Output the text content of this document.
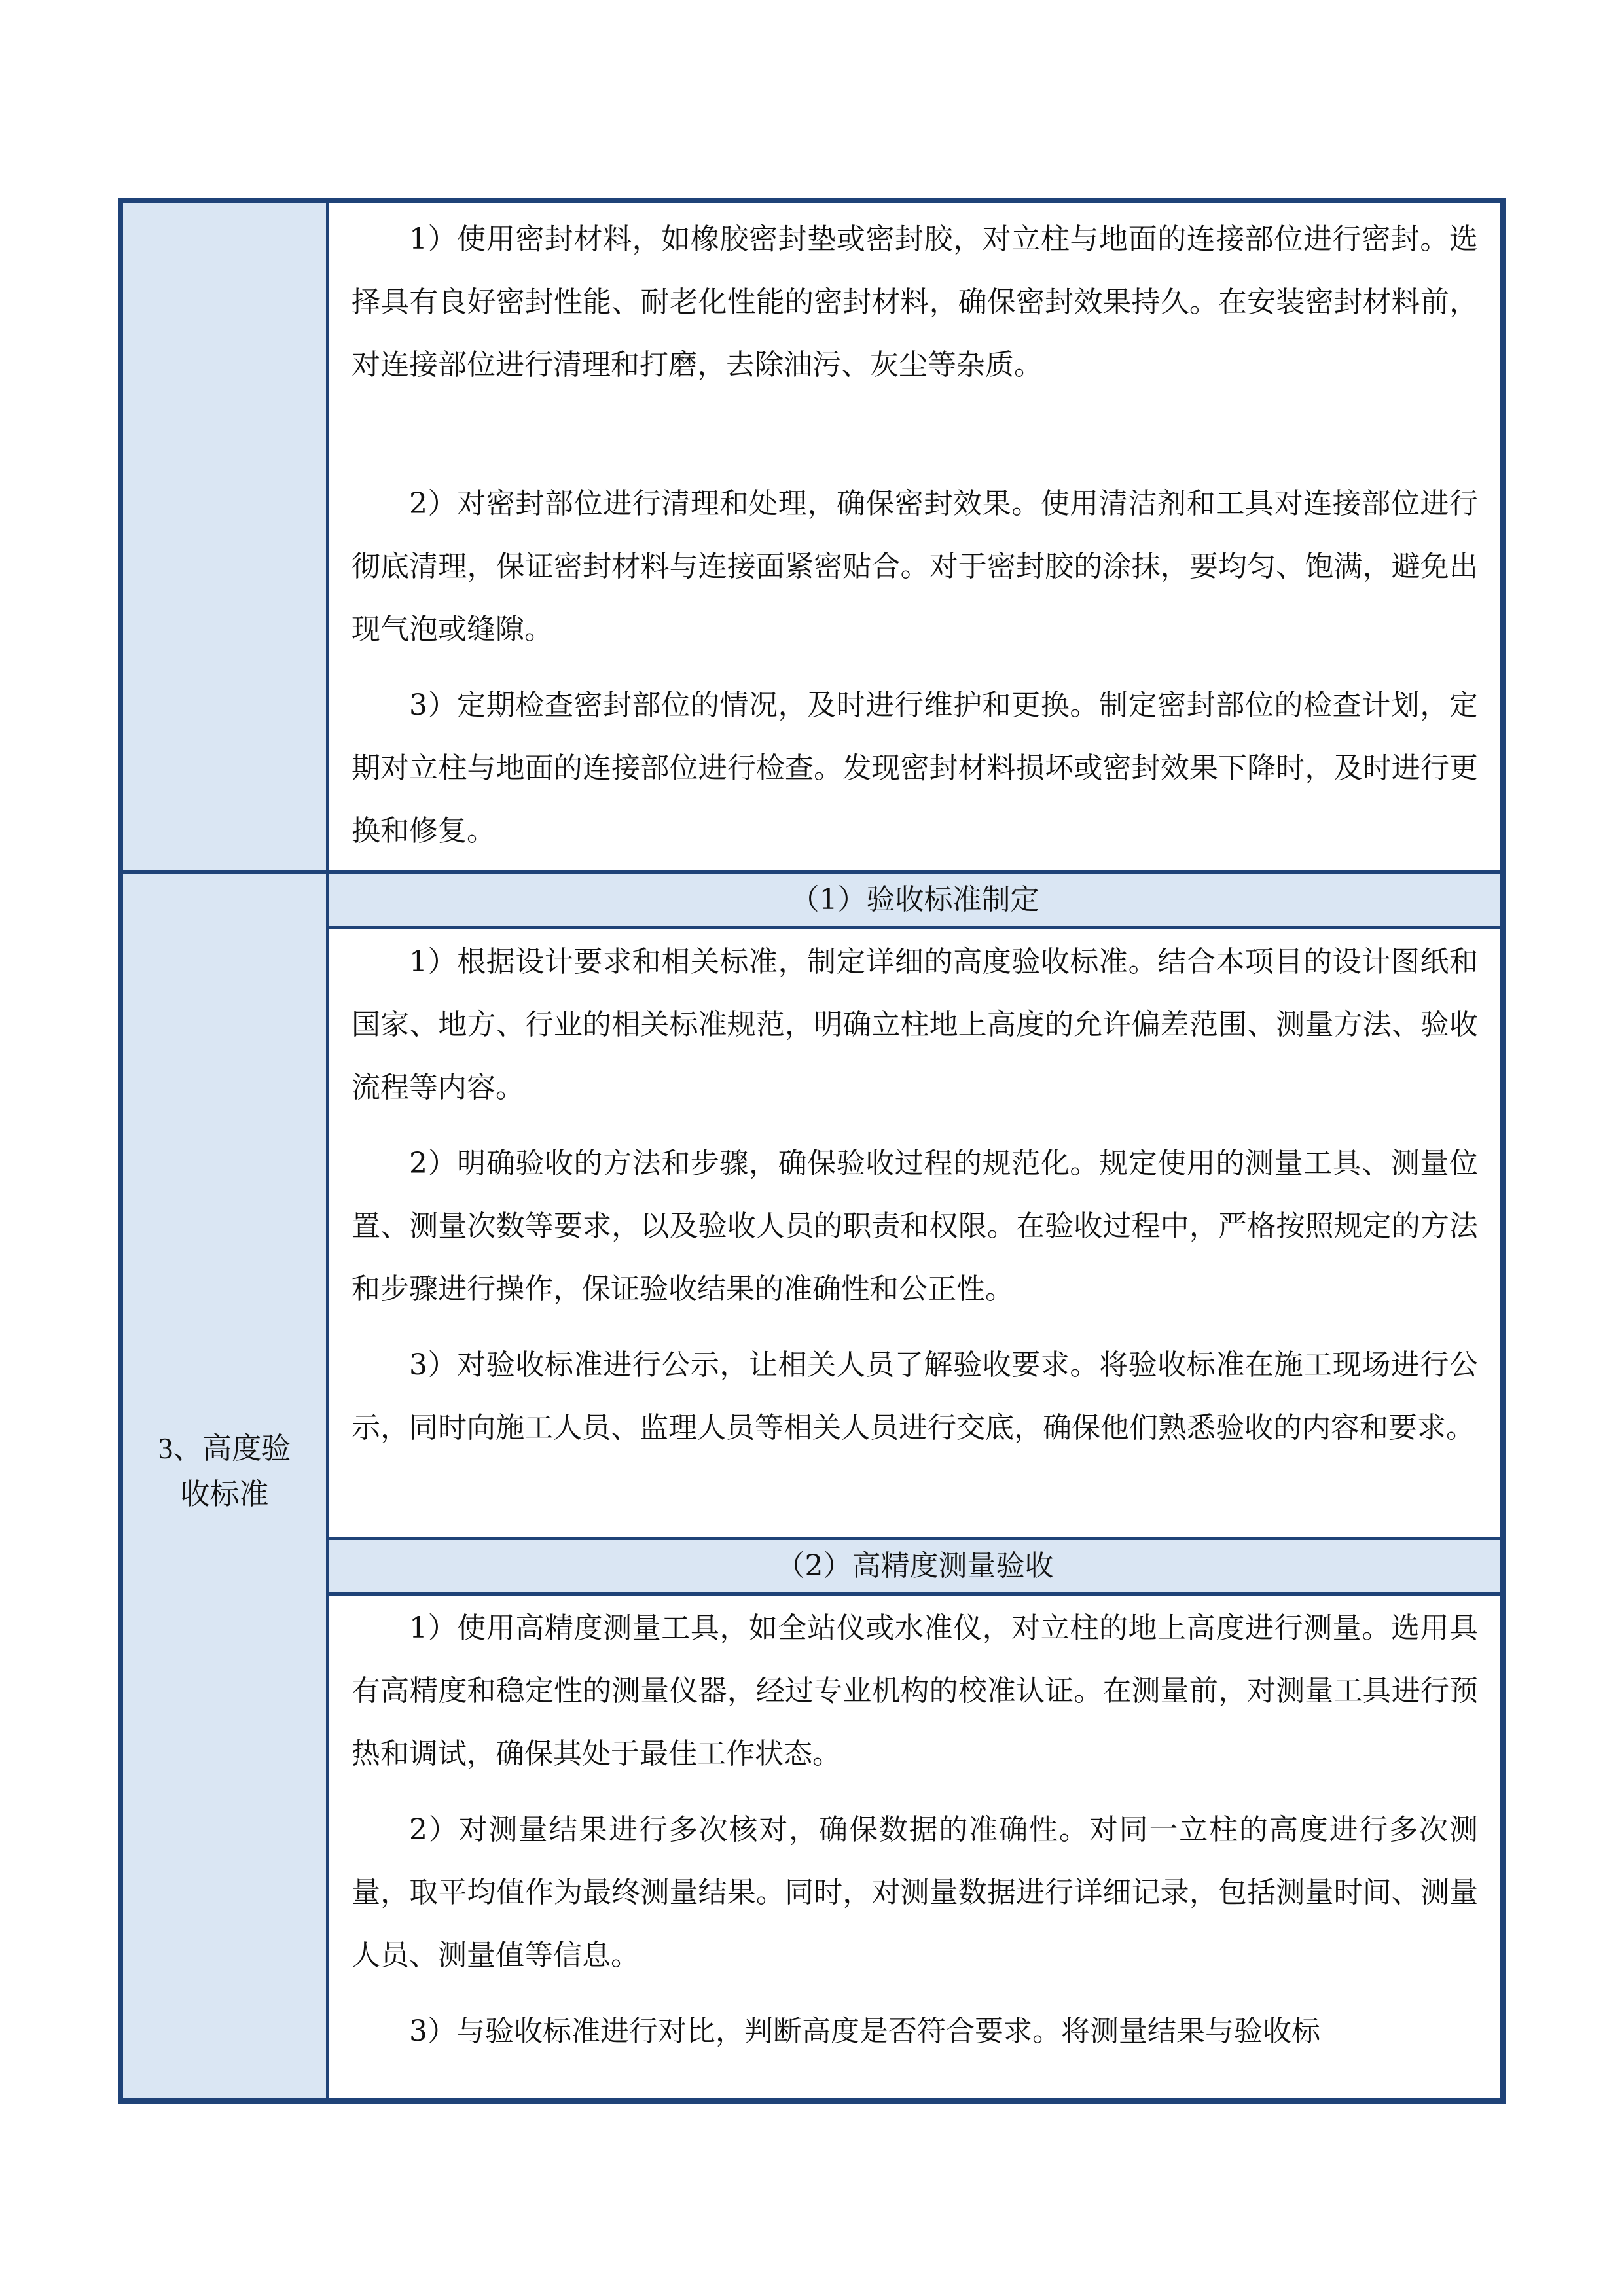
1）使用密封材料，如橡胶密封垫或密封胶，对立柱与地面的连接部位进行密封。选择具有良好密封性能、耐老化性能的密封材料，确保密封效果持久。在安装密封材料前，对连接部位进行清理和打磨，去除油污、灰尘等杂质。

2）对密封部位进行清理和处理，确保密封效果。使用清洁剂和工具对连接部位进行彻底清理，保证密封材料与连接面紧密贴合。对于密封胶的涂抹，要均匀、饱满，避免出现气泡或缝隙。

3）定期检查密封部位的情况，及时进行维护和更换。制定密封部位的检查计划，定期对立柱与地面的连接部位进行检查。发现密封材料损坏或密封效果下降时，及时进行更换和修复。

3、高度验
收标准
（1）验收标准制定

1）根据设计要求和相关标准，制定详细的高度验收标准。结合本项目的设计图纸和国家、地方、行业的相关标准规范，明确立柱地上高度的允许偏差范围、测量方法、验收流程等内容。

2）明确验收的方法和步骤，确保验收过程的规范化。规定使用的测量工具、测量位置、测量次数等要求，以及验收人员的职责和权限。在验收过程中，严格按照规定的方法和步骤进行操作，保证验收结果的准确性和公正性。

3）对验收标准进行公示，让相关人员了解验收要求。将验收标准在施工现场进行公示，同时向施工人员、监理人员等相关人员进行交底，确保他们熟悉验收的内容和要求。

（2）高精度测量验收

1）使用高精度测量工具，如全站仪或水准仪，对立柱的地上高度进行测量。选用具有高精度和稳定性的测量仪器，经过专业机构的校准认证。在测量前，对测量工具进行预热和调试，确保其处于最佳工作状态。

2）对测量结果进行多次核对，确保数据的准确性。对同一立柱的高度进行多次测量，取平均值作为最终测量结果。同时，对测量数据进行详细记录，包括测量时间、测量人员、测量值等信息。

3）与验收标准进行对比，判断高度是否符合要求。将测量结果与验收标
